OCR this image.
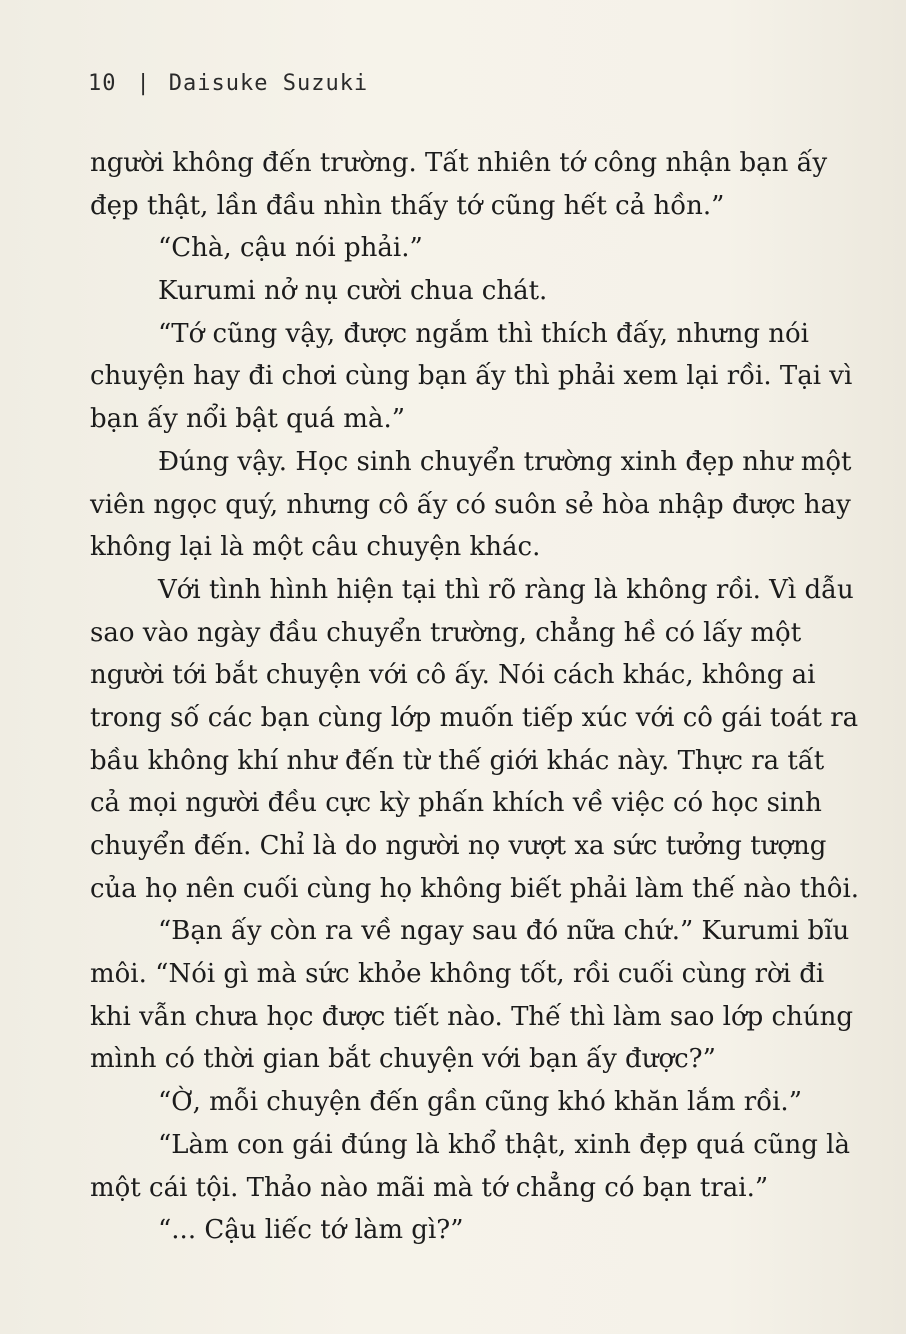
10 | Daisuke Suzuki
người không đến trường. Tất nhiên tớ công nhận bạn ấy
đẹp thật, lần đầu nhìn thấy tớ cũng hết cả hồn.”
“Chà, cậu nói phải.”
Kurumi nở nụ cười chua chát.
“Tớ cũng vậy, được ngắm thì thích đấy, nhưng nói
chuyện hay đi chơi cùng bạn ấy thì phải xem lại rồi. Tại vì
bạn ấy nổi bật quá mà.”
Đúng vậy. Học sinh chuyển trường xinh đẹp như một
viên ngọc quý, nhưng cô ấy có suôn sẻ hòa nhập được hay
không lại là một câu chuyện khác.
Với tình hình hiện tại thì rõ ràng là không rồi. Vì dẫu
sao vào ngày đầu chuyển trường, chẳng hề có lấy một
người tới bắt chuyện với cô ấy. Nói cách khác, không ai
trong số các bạn cùng lớp muốn tiếp xúc với cô gái toát ra
bầu không khí như đến từ thế giới khác này. Thực ra tất
cả mọi người đều cực kỳ phấn khích về việc có học sinh
chuyển đến. Chỉ là do người nọ vượt xa sức tưởng tượng
của họ nên cuối cùng họ không biết phải làm thế nào thôi.
“Bạn ấy còn ra về ngay sau đó nữa chứ.” Kurumi bĩu
môi. “Nói gì mà sức khỏe không tốt, rồi cuối cùng rời đi
khi vẫn chưa học được tiết nào. Thế thì làm sao lớp chúng
mình có thời gian bắt chuyện với bạn ấy được?”
“Ờ, mỗi chuyện đến gần cũng khó khăn lắm rồi.”
“Làm con gái đúng là khổ thật, xinh đẹp quá cũng là
một cái tội. Thảo nào mãi mà tớ chẳng có bạn trai.”
“... Cậu liếc tớ làm gì?”
